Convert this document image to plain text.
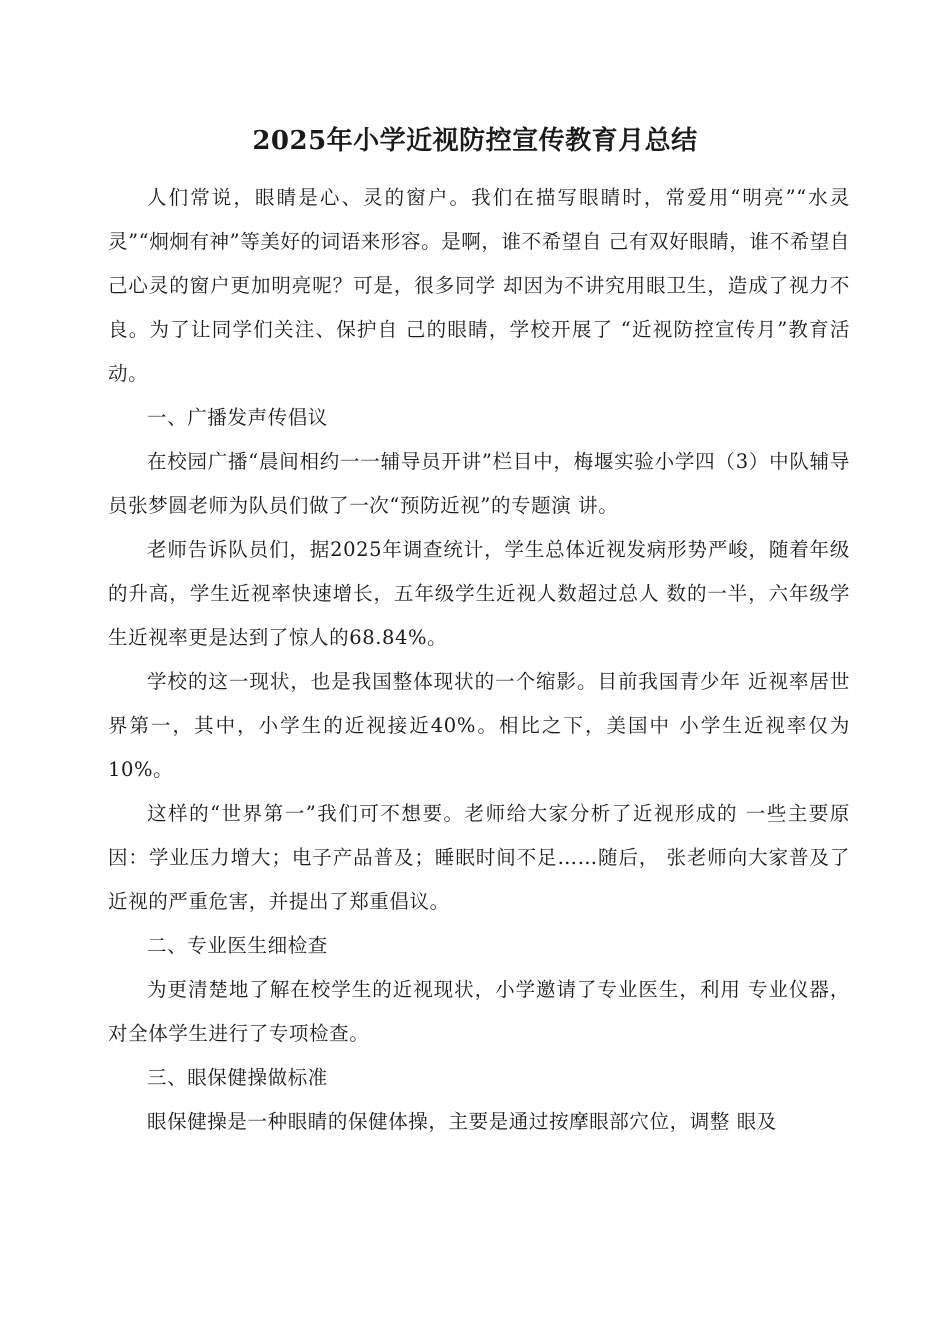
2025年小学近视防控宣传教育月总结

人们常说，眼睛是心、灵的窗户。我们在描写眼睛时，常爱用“明亮”“水灵灵”“炯炯有神”等美好的词语来形容。是啊，谁不希望自 己有双好眼睛，谁不希望自己心灵的窗户更加明亮呢？可是，很多同学 却因为不讲究用眼卫生，造成了视力不良。为了让同学们关注、保护自 己的眼睛，学校开展了 “近视防控宣传月”教育活动。

一、广播发声传倡议

在校园广播“晨间相约一一辅导员开讲”栏目中，梅堰实验小学四（3）中队辅导员张梦圆老师为队员们做了一次“预防近视”的专题演 讲。

老师告诉队员们，据2025年调查统计，学生总体近视发病形势严峻，随着年级的升高，学生近视率快速增长，五年级学生近视人数超过总人 数的一半，六年级学生近视率更是达到了惊人的68.84%。

学校的这一现状，也是我国整体现状的一个缩影。目前我国青少年 近视率居世界第一，其中，小学生的近视接近40%。相比之下，美国中 小学生近视率仅为10%。

这样的“世界第一”我们可不想要。老师给大家分析了近视形成的 一些主要原因：学业压力增大；电子产品普及；睡眠时间不足……随后， 张老师向大家普及了近视的严重危害，并提出了郑重倡议。

二、专业医生细检查

为更清楚地了解在校学生的近视现状，小学邀请了专业医生，利用 专业仪器，对全体学生进行了专项检查。

三、眼保健操做标准

眼保健操是一种眼睛的保健体操，主要是通过按摩眼部穴位，调整 眼及
